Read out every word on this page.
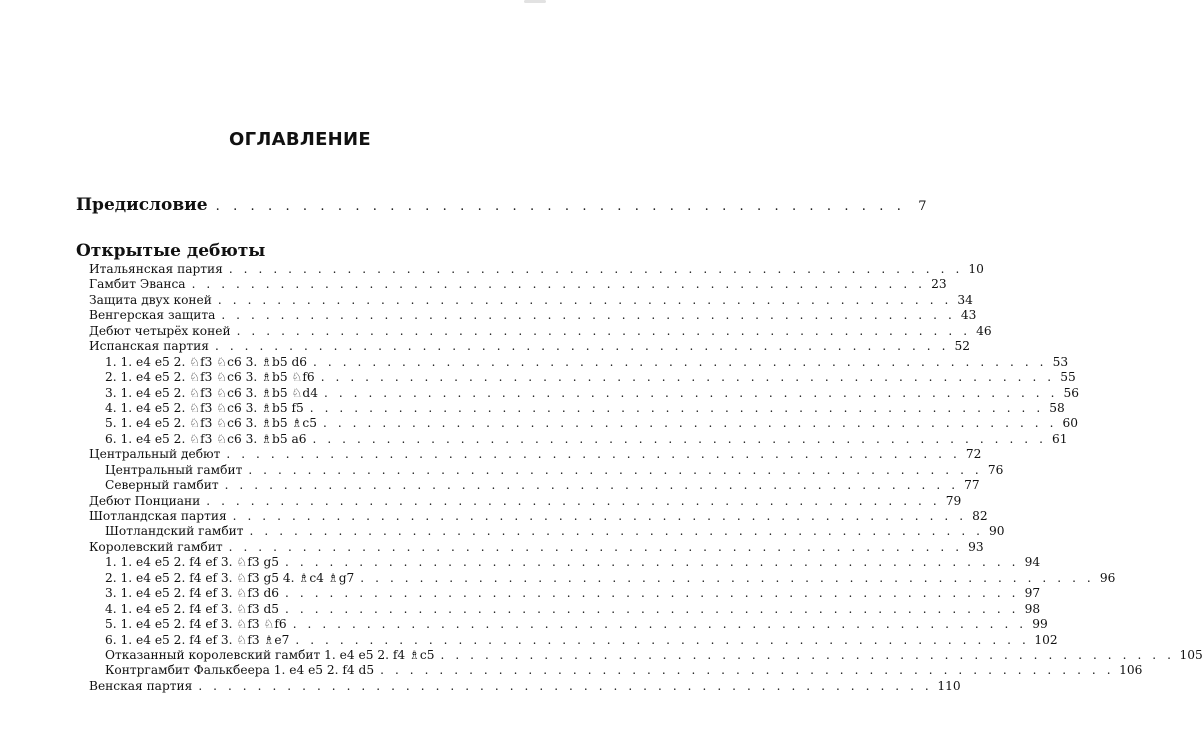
ОГЛАВЛЕНИЕ
Предисловие . . . . . . . . . . . . . . . . . . . . . . . . . . . . . . . . . . . . . . . . 7
Открытые дебюты
Итальянская партия . . . . . . . . . . . . . . . . . . . . . . . . . . . . . . . . . . . . . . . . . . . . . . . . . . 10
Гамбит Эванса . . . . . . . . . . . . . . . . . . . . . . . . . . . . . . . . . . . . . . . . . . . . . . . . . . 23
Защита двух коней . . . . . . . . . . . . . . . . . . . . . . . . . . . . . . . . . . . . . . . . . . . . . . . . . . 34
Венгерская защита . . . . . . . . . . . . . . . . . . . . . . . . . . . . . . . . . . . . . . . . . . . . . . . . . . 43
Дебют четырёх коней . . . . . . . . . . . . . . . . . . . . . . . . . . . . . . . . . . . . . . . . . . . . . . . . . . 46
Испанская партия . . . . . . . . . . . . . . . . . . . . . . . . . . . . . . . . . . . . . . . . . . . . . . . . . . 52
1. 1. e4 e5 2. ♘f3 ♘c6 3. ♗b5 d6 . . . . . . . . . . . . . . . . . . . . . . . . . . . . . . . . . . . . . . . . . . . . . . . . . . 53
2. 1. e4 e5 2. ♘f3 ♘c6 3. ♗b5 ♘f6 . . . . . . . . . . . . . . . . . . . . . . . . . . . . . . . . . . . . . . . . . . . . . . . . . . 55
3. 1. e4 e5 2. ♘f3 ♘c6 3. ♗b5 ♘d4 . . . . . . . . . . . . . . . . . . . . . . . . . . . . . . . . . . . . . . . . . . . . . . . . . . 56
4. 1. e4 e5 2. ♘f3 ♘c6 3. ♗b5 f5 . . . . . . . . . . . . . . . . . . . . . . . . . . . . . . . . . . . . . . . . . . . . . . . . . . 58
5. 1. e4 e5 2. ♘f3 ♘c6 3. ♗b5 ♗c5 . . . . . . . . . . . . . . . . . . . . . . . . . . . . . . . . . . . . . . . . . . . . . . . . . . 60
6. 1. e4 e5 2. ♘f3 ♘c6 3. ♗b5 a6 . . . . . . . . . . . . . . . . . . . . . . . . . . . . . . . . . . . . . . . . . . . . . . . . . . 61
Центральный дебют . . . . . . . . . . . . . . . . . . . . . . . . . . . . . . . . . . . . . . . . . . . . . . . . . . 72
Центральный гамбит . . . . . . . . . . . . . . . . . . . . . . . . . . . . . . . . . . . . . . . . . . . . . . . . . . 76
Северный гамбит . . . . . . . . . . . . . . . . . . . . . . . . . . . . . . . . . . . . . . . . . . . . . . . . . . 77
Дебют Понциани . . . . . . . . . . . . . . . . . . . . . . . . . . . . . . . . . . . . . . . . . . . . . . . . . . 79
Шотландская партия . . . . . . . . . . . . . . . . . . . . . . . . . . . . . . . . . . . . . . . . . . . . . . . . . . 82
Шотландский гамбит . . . . . . . . . . . . . . . . . . . . . . . . . . . . . . . . . . . . . . . . . . . . . . . . . . 90
Королевский гамбит . . . . . . . . . . . . . . . . . . . . . . . . . . . . . . . . . . . . . . . . . . . . . . . . . . 93
1. 1. e4 e5 2. f4 ef 3. ♘f3 g5 . . . . . . . . . . . . . . . . . . . . . . . . . . . . . . . . . . . . . . . . . . . . . . . . . . 94
2. 1. e4 e5 2. f4 ef 3. ♘f3 g5 4. ♗c4 ♗g7 . . . . . . . . . . . . . . . . . . . . . . . . . . . . . . . . . . . . . . . . . . . . . . . . . . 96
3. 1. e4 e5 2. f4 ef 3. ♘f3 d6 . . . . . . . . . . . . . . . . . . . . . . . . . . . . . . . . . . . . . . . . . . . . . . . . . . 97
4. 1. e4 e5 2. f4 ef 3. ♘f3 d5 . . . . . . . . . . . . . . . . . . . . . . . . . . . . . . . . . . . . . . . . . . . . . . . . . . 98
5. 1. e4 e5 2. f4 ef 3. ♘f3 ♘f6 . . . . . . . . . . . . . . . . . . . . . . . . . . . . . . . . . . . . . . . . . . . . . . . . . . 99
6. 1. e4 e5 2. f4 ef 3. ♘f3 ♗e7 . . . . . . . . . . . . . . . . . . . . . . . . . . . . . . . . . . . . . . . . . . . . . . . . . . 102
Отказанный королевский гамбит 1. e4 e5 2. f4 ♗c5 . . . . . . . . . . . . . . . . . . . . . . . . . . . . . . . . . . . . . . . . . . . . . . . . . . 105
Контргамбит Фалькбеера 1. e4 e5 2. f4 d5 . . . . . . . . . . . . . . . . . . . . . . . . . . . . . . . . . . . . . . . . . . . . . . . . . . 106
Венская партия . . . . . . . . . . . . . . . . . . . . . . . . . . . . . . . . . . . . . . . . . . . . . . . . . . 110
